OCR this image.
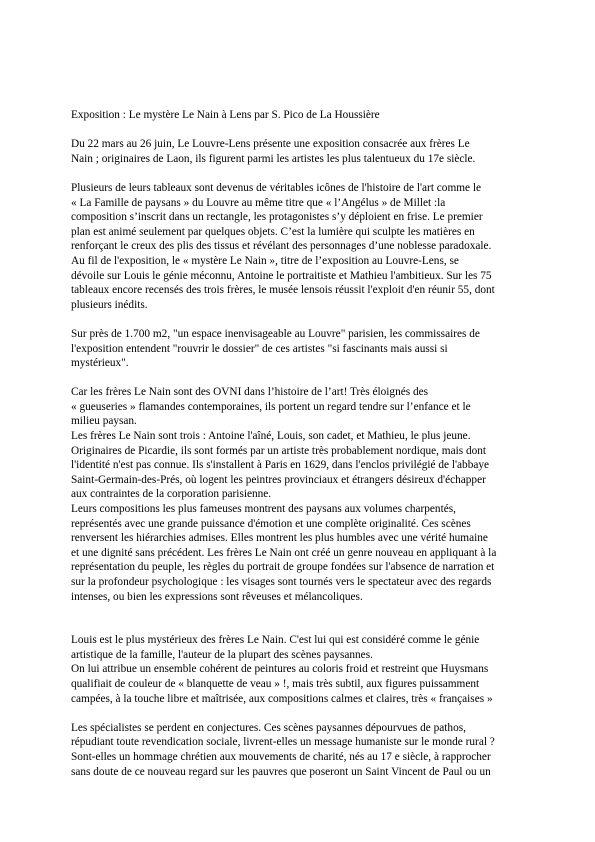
Exposition : Le mystère Le Nain à Lens par S. Pico de La Houssière
Du 22 mars au 26 juin, Le Louvre-Lens présente une exposition consacrée aux frères Le
Nain ; originaires de Laon, ils figurent parmi les artistes les plus talentueux du 17e siècle.
Plusieurs de leurs tableaux sont devenus de véritables icônes de l'histoire de l'art comme le
« La Famille de paysans » du Louvre au même titre que « l’Angélus » de Millet :la
composition s’inscrit dans un rectangle, les protagonistes s’y déploient en frise. Le premier
plan est animé seulement par quelques objets. C’est la lumière qui sculpte les matières en
renforçant le creux des plis des tissus et révélant des personnages d’une noblesse paradoxale.
Au fil de l'exposition, le « mystère Le Nain », titre de l’exposition au Louvre-Lens, se
dévoile sur Louis le génie méconnu, Antoine le portraitiste et Mathieu l'ambitieux. Sur les 75
tableaux encore recensés des trois frères, le musée lensois réussit l'exploit d'en réunir 55, dont
plusieurs inédits.
Sur près de 1.700 m2, "un espace inenvisageable au Louvre" parisien, les commissaires de
l'exposition entendent "rouvrir le dossier" de ces artistes "si fascinants mais aussi si
mystérieux".
Car les frères Le Nain sont des OVNI dans l’histoire de l’art! Très éloignés des
« gueuseries » flamandes contemporaines, ils portent un regard tendre sur l’enfance et le
milieu paysan.
Les frères Le Nain sont trois : Antoine l'aîné, Louis, son cadet, et Mathieu, le plus jeune.
Originaires de Picardie, ils sont formés par un artiste très probablement nordique, mais dont
l'identité n'est pas connue. Ils s'installent à Paris en 1629, dans l'enclos privilégié de l'abbaye
Saint-Germain-des-Prés, où logent les peintres provinciaux et étrangers désireux d'échapper
aux contraintes de la corporation parisienne.
Leurs compositions les plus fameuses montrent des paysans aux volumes charpentés,
représentés avec une grande puissance d'émotion et une complète originalité. Ces scènes
renversent les hiérarchies admises. Elles montrent les plus humbles avec une vérité humaine
et une dignité sans précédent. Les frères Le Nain ont créé un genre nouveau en appliquant à la
représentation du peuple, les règles du portrait de groupe fondées sur l'absence de narration et
sur la profondeur psychologique : les visages sont tournés vers le spectateur avec des regards
intenses, ou bien les expressions sont rêveuses et mélancoliques.
Louis est le plus mystérieux des frères Le Nain. C'est lui qui est considéré comme le génie
artistique de la famille, l'auteur de la plupart des scènes paysannes.
On lui attribue un ensemble cohérent de peintures au coloris froid et restreint que Huysmans
qualifiait de couleur de « blanquette de veau » !, mais très subtil, aux figures puissamment
campées, à la touche libre et maîtrisée, aux compositions calmes et claires, très « françaises »
Les spécialistes se perdent en conjectures. Ces scènes paysannes dépourvues de pathos,
répudiant toute revendication sociale, livrent-elles un message humaniste sur le monde rural ?
Sont-elles un hommage chrétien aux mouvements de charité, nés au 17 e siècle, à rapprocher
sans doute de ce nouveau regard sur les pauvres que poseront un Saint Vincent de Paul ou un
